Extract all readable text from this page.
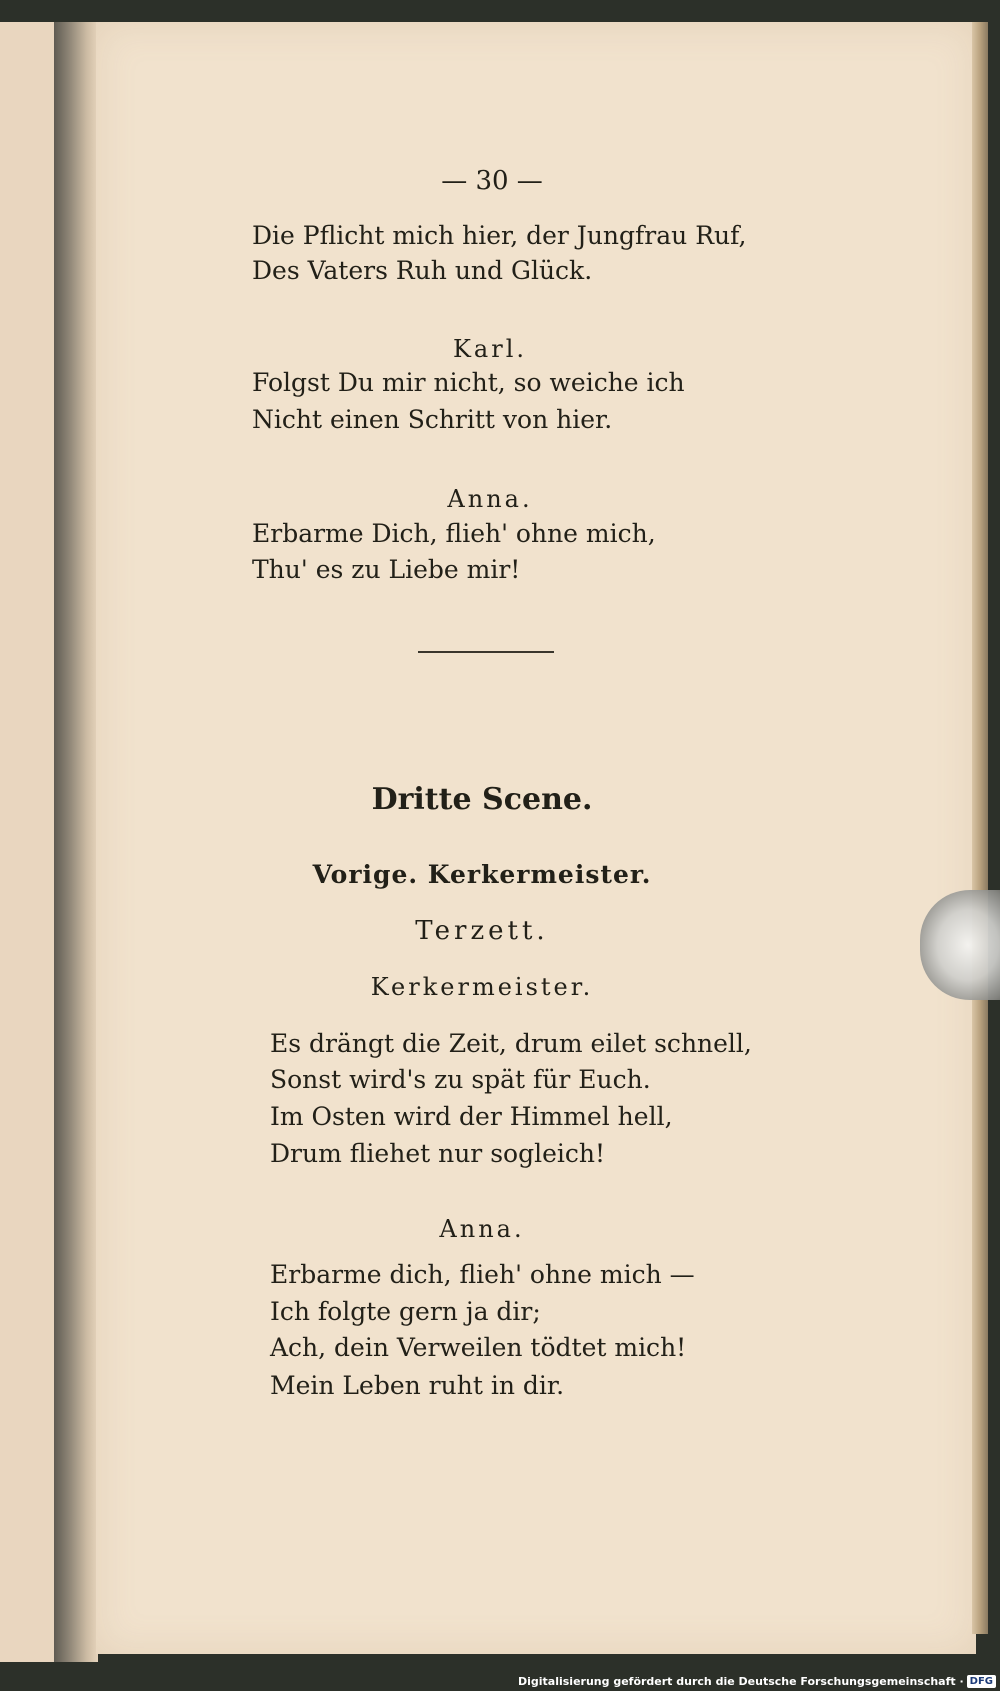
— 30 —
Die Pflicht mich hier, der Jungfrau Ruf,
Des Vaters Ruh und Glück.
Karl.
Folgst Du mir nicht, so weiche ich
Nicht einen Schritt von hier.
Anna.
Erbarme Dich, flieh' ohne mich,
Thu' es zu Liebe mir!
Dritte Scene.
Vorige. Kerkermeister.
Terzett.
Kerkermeister.
Es drängt die Zeit, drum eilet schnell,
Sonst wird's zu spät für Euch.
Im Osten wird der Himmel hell,
Drum fliehet nur sogleich!
Anna.
Erbarme dich, flieh' ohne mich —
Ich folgte gern ja dir;
Ach, dein Verweilen tödtet mich!
Mein Leben ruht in dir.
Digitalisierung gefördert durch die Deutsche Forschungsgemeinschaft · DFG
